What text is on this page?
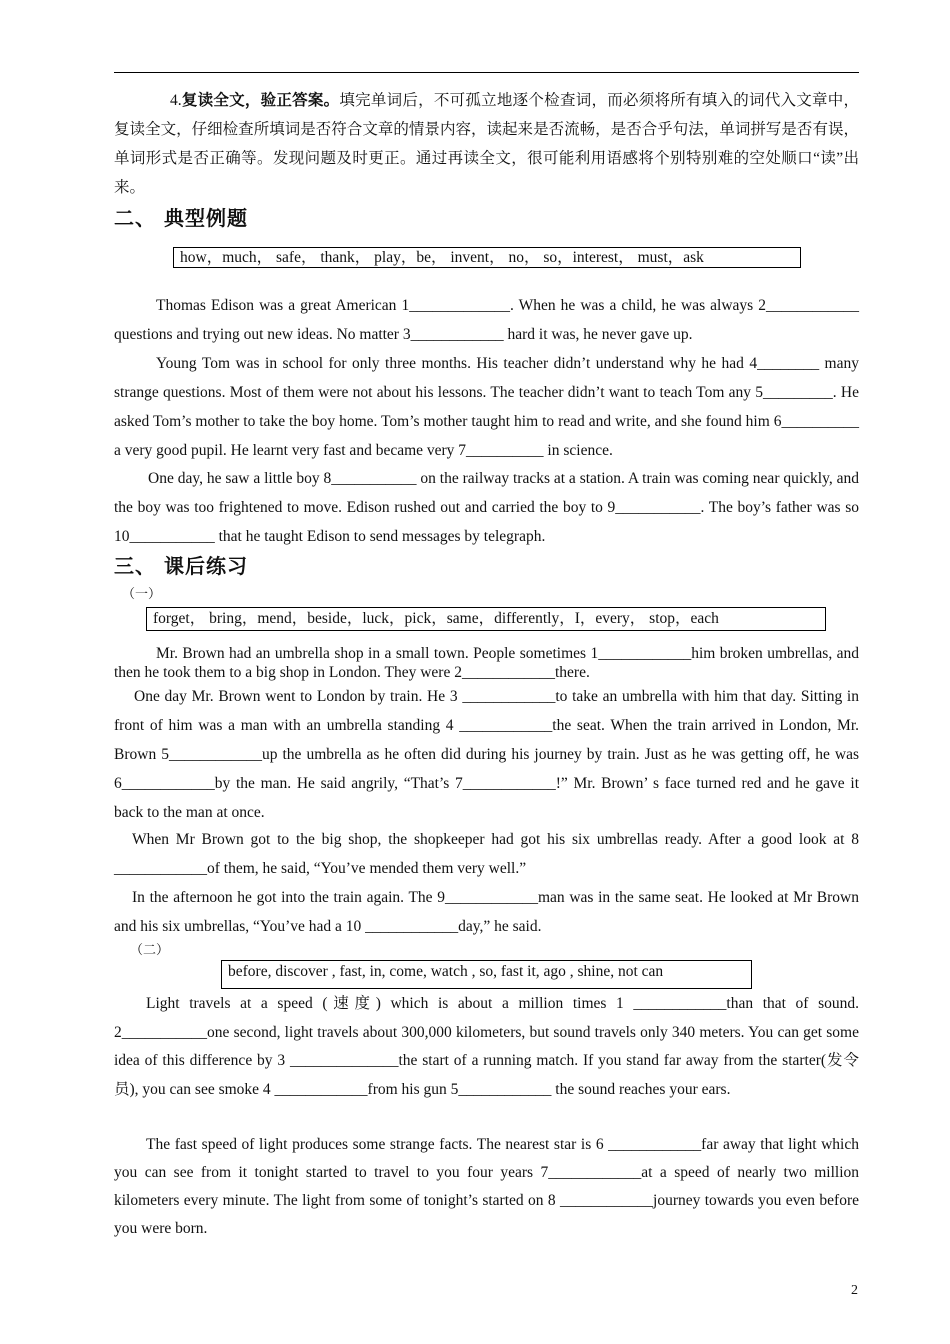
4.复读全文，验正答案。填完单词后，不可孤立地逐个检查词，而必须将所有填入的词代入文章中，复读全文，仔细检查所填词是否符合文章的情景内容，读起来是否流畅，是否合乎句法，单词拼写是否有误，单词形式是否正确等。发现问题及时更正。通过再读全文，很可能利用语感将个别特别难的空处顺口“读”出来。

二、 典型例题
how，much， safe， thank， play，be， invent， no， so，interest， must，ask

Thomas Edison was a great American 1_____________. When he was a child, he was always 2____________ questions and trying out new ideas. No matter 3____________ hard it was, he never gave up.

Young Tom was in school for only three months. His teacher didn’t understand why he had 4________ many strange questions. Most of them were not about his lessons. The teacher didn’t want to teach Tom any 5_________. He asked Tom’s mother to take the boy home. Tom’s mother taught him to read and write, and she found him 6__________ a very good pupil. He learnt very fast and became very 7__________ in science.

One day, he saw a little boy 8___________ on the railway tracks at a station. A train was coming near quickly, and the boy was too frightened to move. Edison rushed out and carried the boy to 9___________. The boy’s father was so 10___________ that he taught Edison to send messages by telegraph.

三、 课后练习

（一）

forget， bring，mend，beside，luck，pick，same，differently，I，every， stop，each

Mr. Brown had an umbrella shop in a small town. People sometimes 1____________him broken umbrellas, and then he took them to a big shop in London. They were 2____________there.

One day Mr. Brown went to London by train. He 3 ____________to take an umbrella with him that day. Sitting in front of him was a man with an umbrella standing 4 ____________the seat. When the train arrived in London, Mr. Brown 5____________up the umbrella as he often did during his journey by train. Just as he was getting off, he was 6____________by the man. He said angrily, “That’s 7____________!” Mr. Brown’ s face turned red and he gave it back to the man at once.

When Mr Brown got to the big shop, the shopkeeper had got his six umbrellas ready. After a good look at 8 ____________of them, he said, “You’ve mended them very well.”

In the afternoon he got into the train again. The 9____________man was in the same seat. He looked at Mr Brown and his six umbrellas, “You’ve had a 10 ____________day,” he said.

（二）

before, discover , fast, in, come, watch , so, fast it, ago , shine, not can

Light travels at a speed (速度) which is about a million times 1 ____________than that of sound. 2___________one second, light travels about 300,000 kilometers, but sound travels only 340 meters. You can get some idea of this difference by 3 ______________the start of a running match. If you stand far away from the starter(发令员), you can see smoke 4 ____________from his gun 5____________ the sound reaches your ears.

The fast speed of light produces some strange facts. The nearest star is 6 ____________far away that light which you can see from it tonight started to travel to you four years 7____________at a speed of nearly two million kilometers every minute. The light from some of tonight’s started on 8 ____________journey towards you even before you were born.

2
